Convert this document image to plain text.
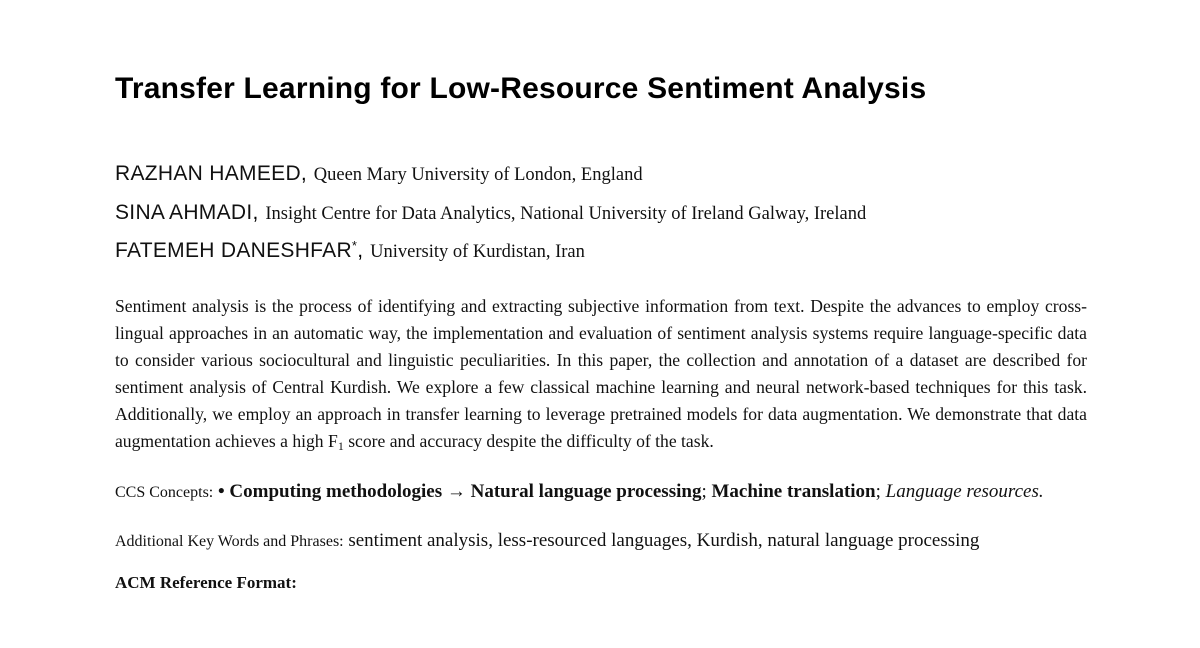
Transfer Learning for Low-Resource Sentiment Analysis
RAZHAN HAMEED, Queen Mary University of London, England
SINA AHMADI, Insight Centre for Data Analytics, National University of Ireland Galway, Ireland
FATEMEH DANESHFAR*, University of Kurdistan, Iran

Sentiment analysis is the process of identifying and extracting subjective information from text. Despite the advances to employ cross-lingual approaches in an automatic way, the implementation and evaluation of sentiment analysis systems require language-specific data to consider various sociocultural and linguistic peculiarities. In this paper, the collection and annotation of a dataset are described for sentiment analysis of Central Kurdish. We explore a few classical machine learning and neural network-based techniques for this task. Additionally, we employ an approach in transfer learning to leverage pretrained models for data augmentation. We demonstrate that data augmentation achieves a high $F_1$ score and accuracy despite the difficulty of the task.

CCS Concepts: • Computing methodologies → Natural language processing; Machine translation; Language resources.

Additional Key Words and Phrases: sentiment analysis, less-resourced languages, Kurdish, natural language processing

ACM Reference Format:
